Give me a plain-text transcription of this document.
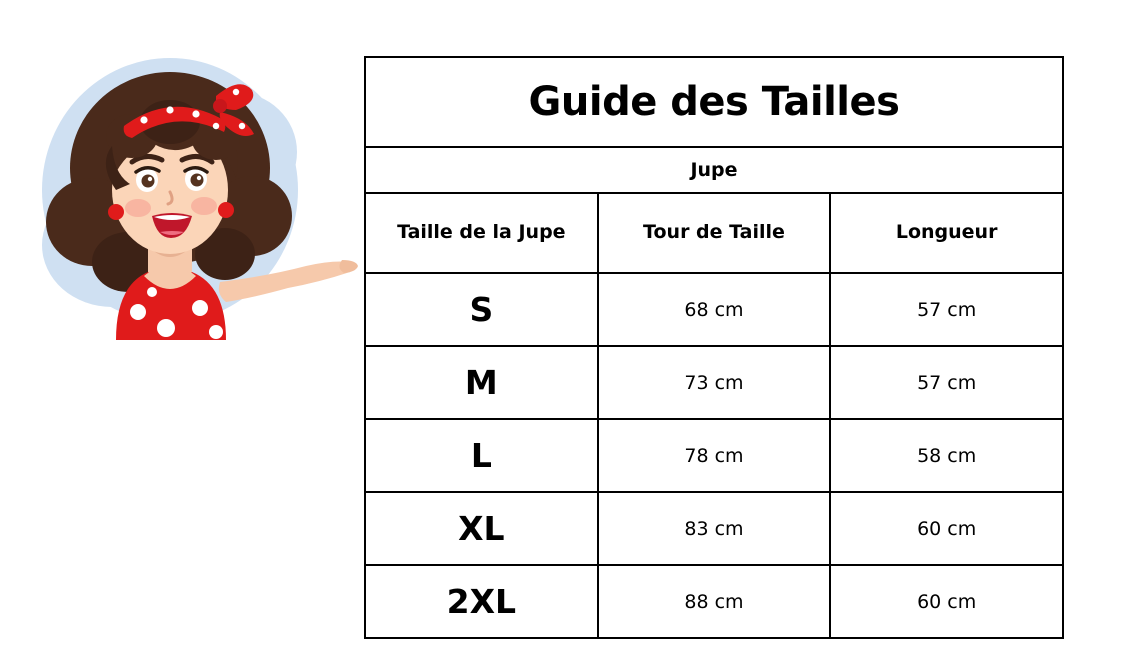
Guide des Tailles		
Jupe		
Taille de la Jupe	Tour de Taille	Longueur
S	68 cm	57 cm
M	73 cm	57 cm
L	78 cm	58 cm
XL	83 cm	60 cm
2XL	88 cm	60 cm
